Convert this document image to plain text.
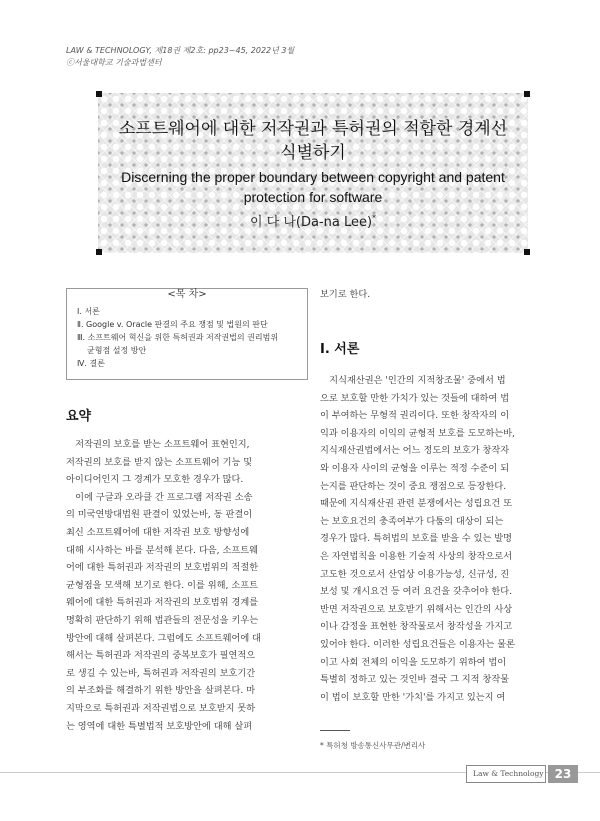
LAW & TECHNOLOGY, 제18권 제2호: pp23~45, 2022년 3월
ⓒ서울대학교 기술과법센터
소프트웨어에 대한 저작권과 특허권의 적합한 경계선
식별하기
Discerning the proper boundary between copyright and patent
protection for software
이 다 나(Da-na Lee)*
<목 차>
Ⅰ. 서론
Ⅱ. Google v. Oracle 판결의 주요 쟁점 및 법원의 판단
Ⅲ. 소프트웨어 혁신을 위한 특허권과 저작권법의 권리범위
균형점 설정 방안
Ⅳ. 결론
요약
　저작권의 보호를 받는 소프트웨어 표현인지,
저작권의 보호를 받지 않는 소프트웨어 기능 및
아이디어인지 그 경계가 모호한 경우가 많다.
　이에 구글과 오라클 간 프로그램 저작권 소송
의 미국연방대법원 판결이 있었는바, 동 판결이
최신 소프트웨어에 대한 저작권 보호 방향성에
대해 시사하는 바를 분석해 본다. 다음, 소프트웨
어에 대한 특허권과 저작권의 보호범위의 적절한
균형점을 모색해 보기로 한다. 이를 위해, 소프트
웨어에 대한 특허권과 저작권의 보호범위 경계를
명확히 판단하기 위해 법관들의 전문성을 키우는
방안에 대해 살펴본다. 그럼에도 소프트웨어에 대
해서는 특허권과 저작권의 중복보호가 필연적으
로 생길 수 있는바, 특허권과 저작권의 보호기간
의 부조화를 해결하기 위한 방안을 살펴본다. 마
지막으로 특허권과 저작권법으로 보호받지 못하
는 영역에 대한 특별법적 보호방안에 대해 살펴
보기로 한다.
Ⅰ. 서론
　지식재산권은 '인간의 지적창조물' 중에서 법
으로 보호할 만한 가치가 있는 것들에 대하여 법
이 부여하는 무형적 권리이다. 또한 창작자의 이
익과 이용자의 이익의 균형적 보호를 도모하는바,
지식재산권법에서는 어느 정도의 보호가 창작자
와 이용자 사이의 균형을 이루는 적정 수준이 되
는지를 판단하는 것이 중요 쟁점으로 등장한다.
때문에 지식재산권 관련 분쟁에서는 성립요건 또
는 보호요건의 충족여부가 다툼의 대상이 되는
경우가 많다. 특허법의 보호를 받을 수 있는 발명
은 자연법칙을 이용한 기술적 사상의 창작으로서
고도한 것으로서 산업상 이용가능성, 신규성, 진
보성 및 개시요건 등 여러 요건을 갖추어야 한다.
반면 저작권으로 보호받기 위해서는 인간의 사상
이나 감정을 표현한 창작물로서 창작성을 가지고
있어야 한다. 이러한 성립요건들은 이용자는 물론
이고 사회 전체의 이익을 도모하기 위하여 법이
특별히 정하고 있는 것인바 결국 그 지적 창작물
이 법이 보호할 만한 '가치'를 가지고 있는지 여
* 특허청 방송통신사무관/변리사
Law & Technology 23
